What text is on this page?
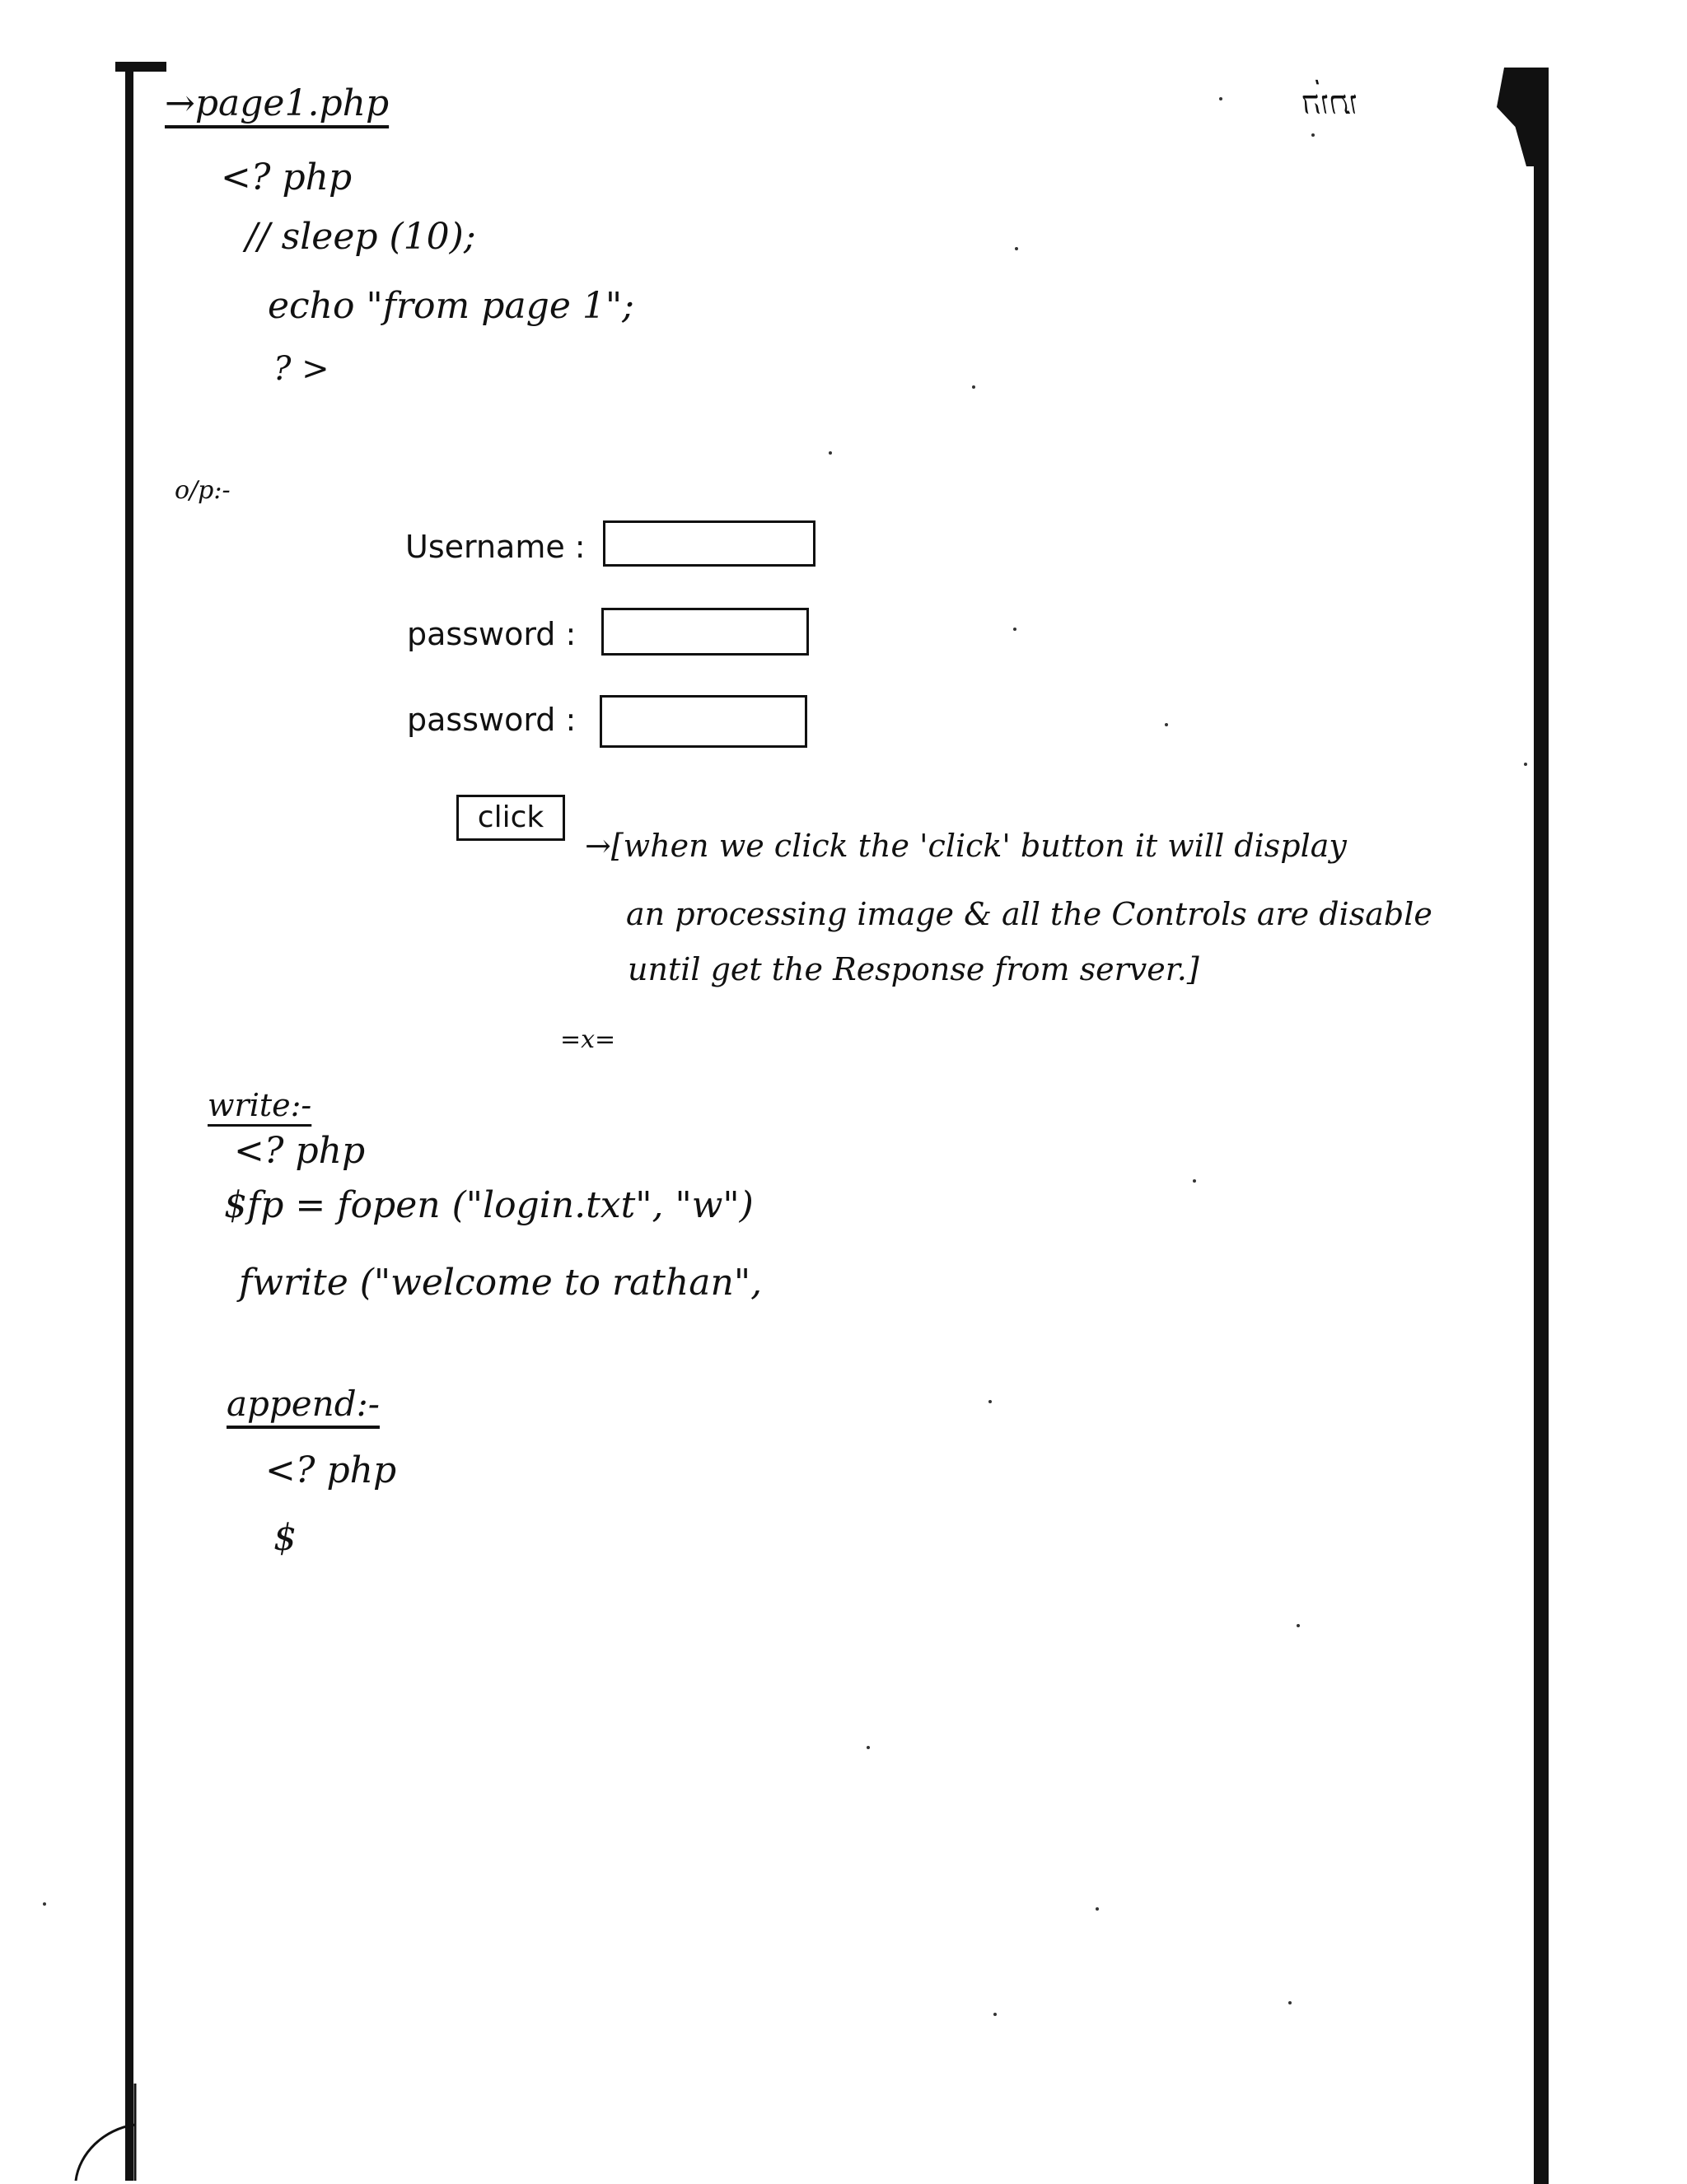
ה่ותו
→page1.php
<? php
// sleep (10);
echo "from page 1";
? >
o/p:-
Username :
password :
password :
click
→[when we click the 'click' button it will display
an processing image & all the Controls are disable
until get the Response from server.]
=x=
write:-
<? php
$fp = fopen ("login.txt", "w")
fwrite ("welcome to rathan",
append:-
<? php
$
